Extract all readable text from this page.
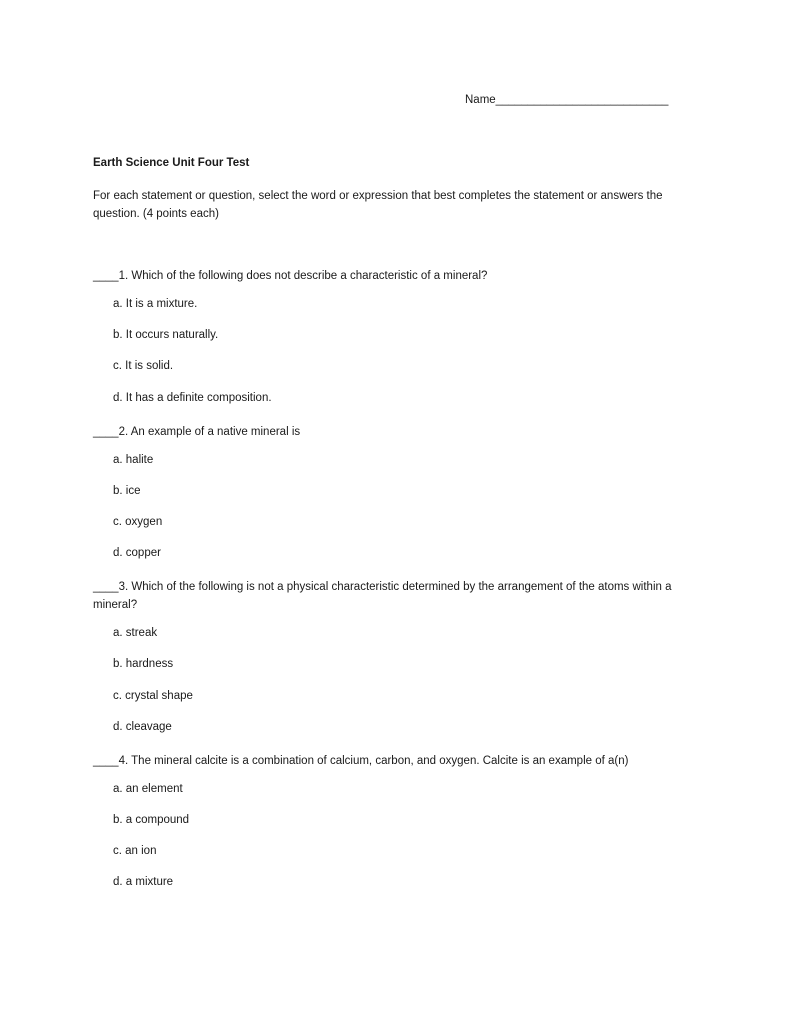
Name___________________________
Earth Science Unit Four Test
For each statement or question, select the word or expression that best completes the statement or answers the question. (4 points each)
____1. Which of the following does not describe a characteristic of a mineral?
a. It is a mixture.
b. It occurs naturally.
c. It is solid.
d. It has a definite composition.
____2. An example of a native mineral is
a. halite
b. ice
c. oxygen
d. copper
____3. Which of the following is not a physical characteristic determined by the arrangement of the atoms within a mineral?
a. streak
b. hardness
c. crystal shape
d. cleavage
____4. The mineral calcite is a combination of calcium, carbon, and oxygen. Calcite is an example of a(n)
a. an element
b. a compound
c. an ion
d. a mixture
